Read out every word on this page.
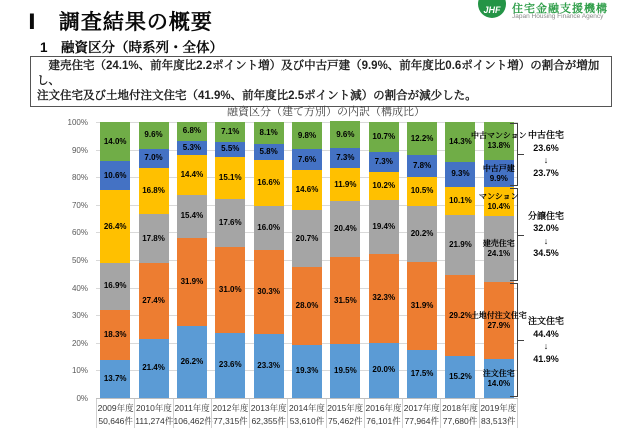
Ⅰ　調査結果の概要
JHF 住宅金融支援機構
Japan Housing Finance Agency
1　融資区分（時系列・全体）
　建売住宅（24.1%、前年度比2.2ポイント増）及び中古戸建（9.9%、前年度比0.6ポイント増）の割合が増加し、
注文住宅及び土地付注文住宅（41.9%、前年度比2.5ポイント減）の割合が減少した。
融資区分（建て方別）の内訳（構成比）
0%
10%
20%
30%
40%
50%
60%
70%
80%
90%
100%
13.7%
18.3%
16.9%
26.4%
10.6%
14.0%
21.4%
27.4%
17.8%
16.8%
7.0%
9.6%
26.2%
31.9%
15.4%
14.4%
5.3%
6.8%
23.6%
31.0%
17.6%
15.1%
5.5%
7.1%
23.3%
30.3%
16.0%
16.6%
5.8%
8.1%
19.3%
28.0%
20.7%
14.6%
7.6%
9.8%
19.5%
31.5%
20.4%
11.9%
7.3%
9.6%
20.0%
32.3%
19.4%
10.2%
7.3%
10.7%
17.5%
31.9%
20.2%
10.5%
7.8%
12.2%
15.2%
29.2%
21.9%
10.1%
9.3%
14.3%
注文住宅
14.0%
土地付注文住宅
27.9%
建売住宅
24.1%
マンション
10.4%
中古戸建
9.9%
中古マンション
13.8%
2009年度
50,646件
2010年度
111,274件
2011年度
106,462件
2012年度
77,315件
2013年度
62,355件
2014年度
53,610件
2015年度
75,462件
2016年度
76,101件
2017年度
77,964件
2018年度
77,680件
2019年度
83,513件
注文住宅
44.4%
↓
41.9%
分譲住宅
32.0%
↓
34.5%
中古住宅
23.6%
↓
23.7%
